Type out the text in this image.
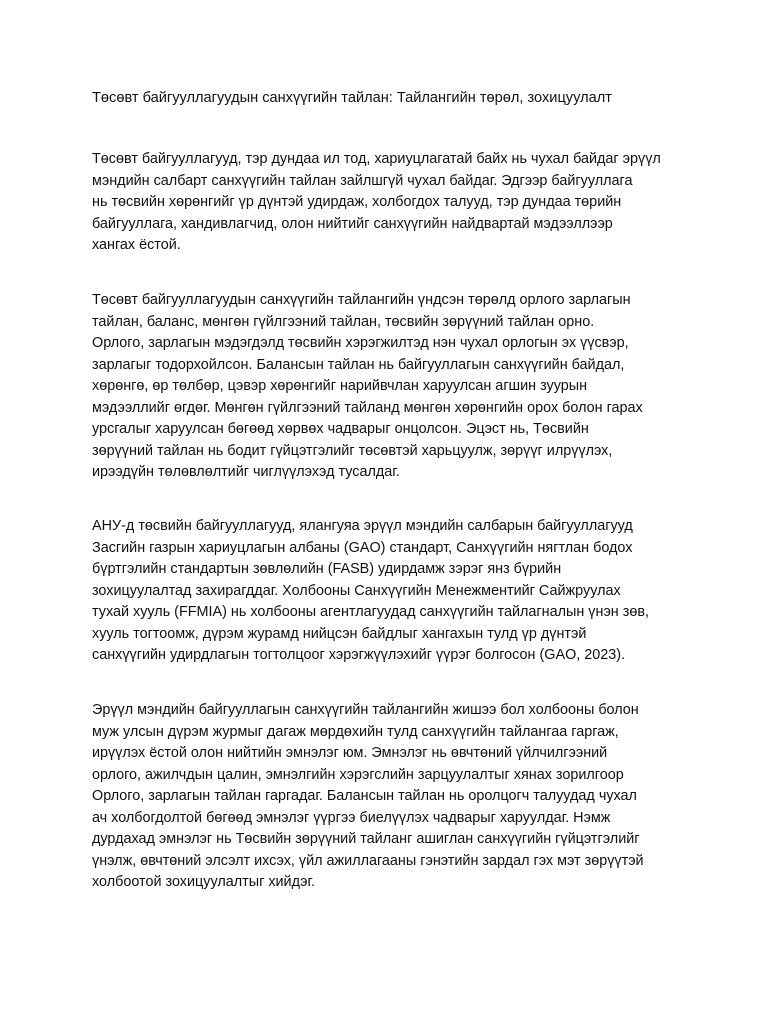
Төсөвт байгууллагуудын санхүүгийн тайлан: Тайлангийн төрөл, зохицуулалт
Төсөвт байгууллагууд, тэр дундаа ил тод, хариуцлагатай байх нь чухал байдаг эрүүл
мэндийн салбарт санхүүгийн тайлан зайлшгүй чухал байдаг. Эдгээр байгууллага
нь төсвийн хөрөнгийг үр дүнтэй удирдаж, холбогдох талууд, тэр дундаа төрийн
байгууллага, хандивлагчид, олон нийтийг санхүүгийн найдвартай мэдээллээр
хангах ёстой.
Төсөвт байгууллагуудын санхүүгийн тайлангийн үндсэн төрөлд орлого зарлагын
тайлан, баланс, мөнгөн гүйлгээний тайлан, төсвийн зөрүүний тайлан орно.
Орлого, зарлагын мэдэгдэлд төсвийн хэрэгжилтэд нэн чухал орлогын эх үүсвэр,
зарлагыг тодорхойлсон. Балансын тайлан нь байгууллагын санхүүгийн байдал,
хөрөнгө, өр төлбөр, цэвэр хөрөнгийг нарийвчлан харуулсан агшин зуурын
мэдээллийг өгдөг. Мөнгөн гүйлгээний тайланд мөнгөн хөрөнгийн орох болон гарах
урсгалыг харуулсан бөгөөд хөрвөх чадварыг онцолсон. Эцэст нь, Төсвийн
зөрүүний тайлан нь бодит гүйцэтгэлийг төсөвтэй харьцуулж, зөрүүг илрүүлэх,
ирээдүйн төлөвлөлтийг чиглүүлэхэд тусалдаг.
АНУ-д төсвийн байгууллагууд, ялангуяа эрүүл мэндийн салбарын байгууллагууд
Засгийн газрын хариуцлагын албаны (GAO) стандарт, Санхүүгийн нягтлан бодох
бүртгэлийн стандартын зөвлөлийн (FASB) удирдамж зэрэг янз бүрийн
зохицуулалтад захирагддаг. Холбооны Санхүүгийн Менежментийг Сайжруулах
тухай хууль (FFMIA) нь холбооны агентлагуудад санхүүгийн тайлагналын үнэн зөв,
хууль тогтоомж, дүрэм журамд нийцсэн байдлыг хангахын тулд үр дүнтэй
санхүүгийн удирдлагын тогтолцоог хэрэгжүүлэхийг үүрэг болгосон (GAO, 2023).
Эрүүл мэндийн байгууллагын санхүүгийн тайлангийн жишээ бол холбооны болон
муж улсын дүрэм журмыг дагаж мөрдөхийн тулд санхүүгийн тайлангаа гаргаж,
ирүүлэх ёстой олон нийтийн эмнэлэг юм. Эмнэлэг нь өвчтөний үйлчилгээний
орлого, ажилчдын цалин, эмнэлгийн хэрэгслийн зарцуулалтыг хянах зорилгоор
Орлого, зарлагын тайлан гаргадаг. Балансын тайлан нь оролцогч талуудад чухал
ач холбогдолтой бөгөөд эмнэлэг үүргээ биелүүлэх чадварыг харуулдаг. Нэмж
дурдахад эмнэлэг нь Төсвийн зөрүүний тайланг ашиглан санхүүгийн гүйцэтгэлийг
үнэлж, өвчтөний элсэлт ихсэх, үйл ажиллагааны гэнэтийн зардал гэх мэт зөрүүтэй
холбоотой зохицуулалтыг хийдэг.
